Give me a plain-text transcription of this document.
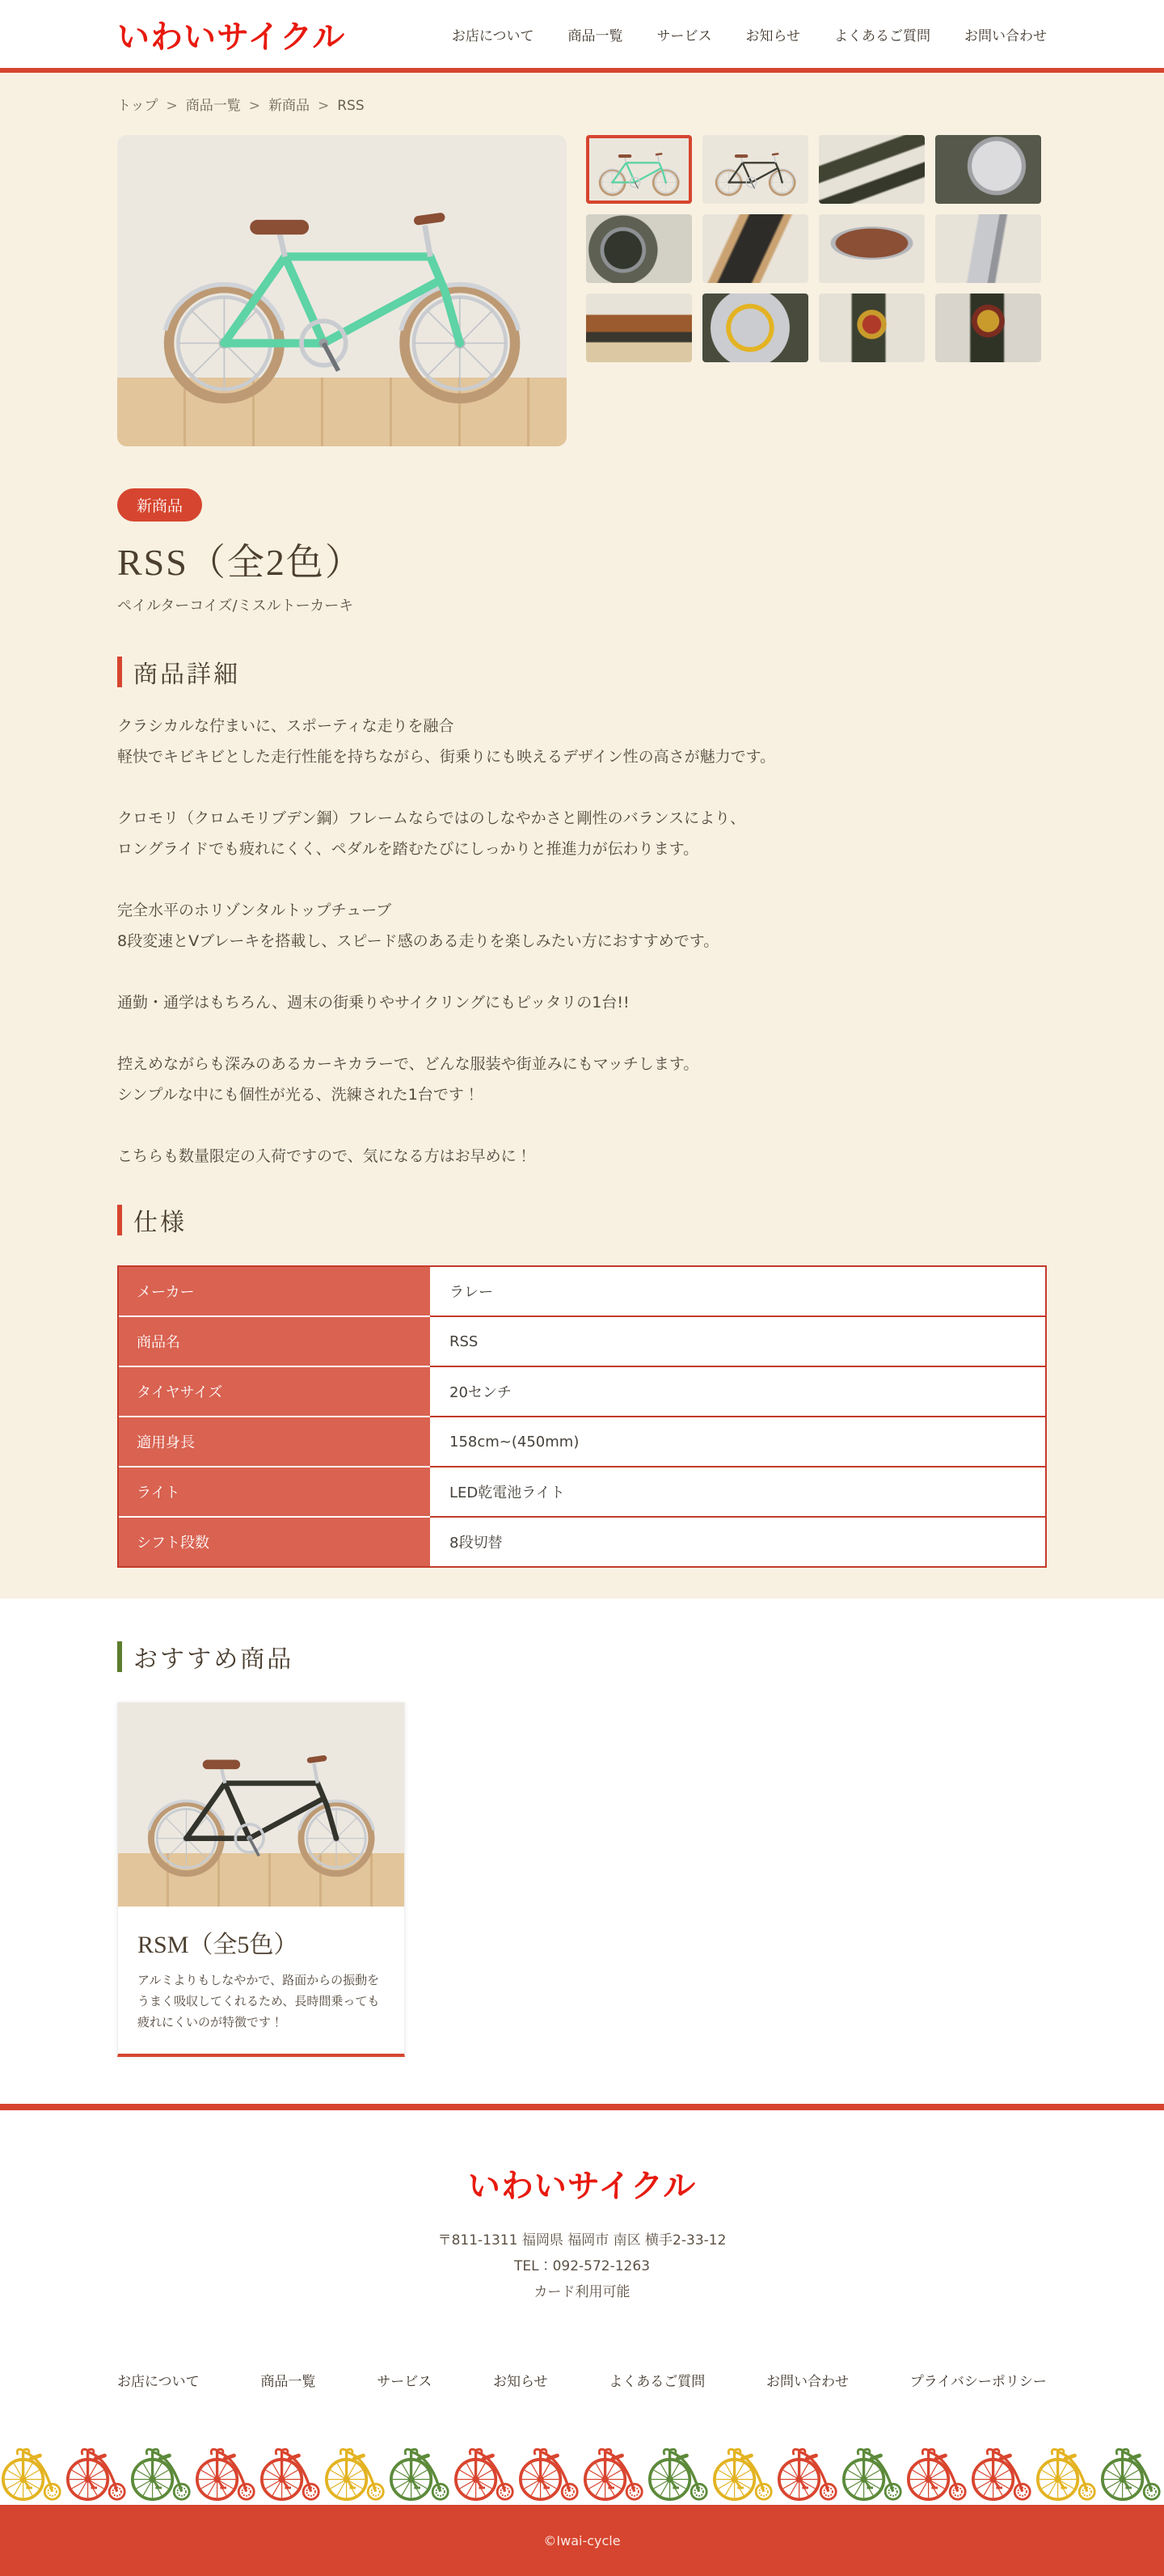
いわいサイクル	お店について 商品一覧 サービス お知らせ よくあるご質問 お問い合わせ
トップ > 商品一覧 > 新商品 > RSS
新商品
RSS（全2色）

ペイルターコイズ/ミスルトーカーキ

商品詳細

クラシカルな佇まいに、スポーティな走りを融合
軽快でキビキビとした走行性能を持ちながら、街乗りにも映えるデザイン性の高さが魅力です。

クロモリ（クロムモリブデン鋼）フレームならではのしなやかさと剛性のバランスにより、
ロングライドでも疲れにくく、ペダルを踏むたびにしっかりと推進力が伝わります。

完全水平のホリゾンタルトップチューブ
8段変速とVブレーキを搭載し、スピード感のある走りを楽しみたい方におすすめです。

通勤・通学はもちろん、週末の街乗りやサイクリングにもピッタリの1台!!

控えめながらも深みのあるカーキカラーで、どんな服装や街並みにもマッチします。
シンプルな中にも個性が光る、洗練された1台です！

こちらも数量限定の入荷ですので、気になる方はお早めに！

仕様
メーカー	ラレー
商品名	RSS
タイヤサイズ	20センチ
適用身長	158cm~(450mm)
ライト	LED乾電池ライト
シフト段数	8段切替
おすすめ商品
RSM（全5色）

アルミよりもしなやかで、路面からの振動をうまく吸収してくれるため、長時間乗っても疲れにくいのが特徴です！

いわいサイクル
〒811-1311 福岡県 福岡市 南区 横手2-33-12
TEL：092-572-1263
カード利用可能
お店について	商品一覧	サービス	お知らせ	よくあるご質問	お問い合わせ	プライバシーポリシー
©Iwai-cycle
